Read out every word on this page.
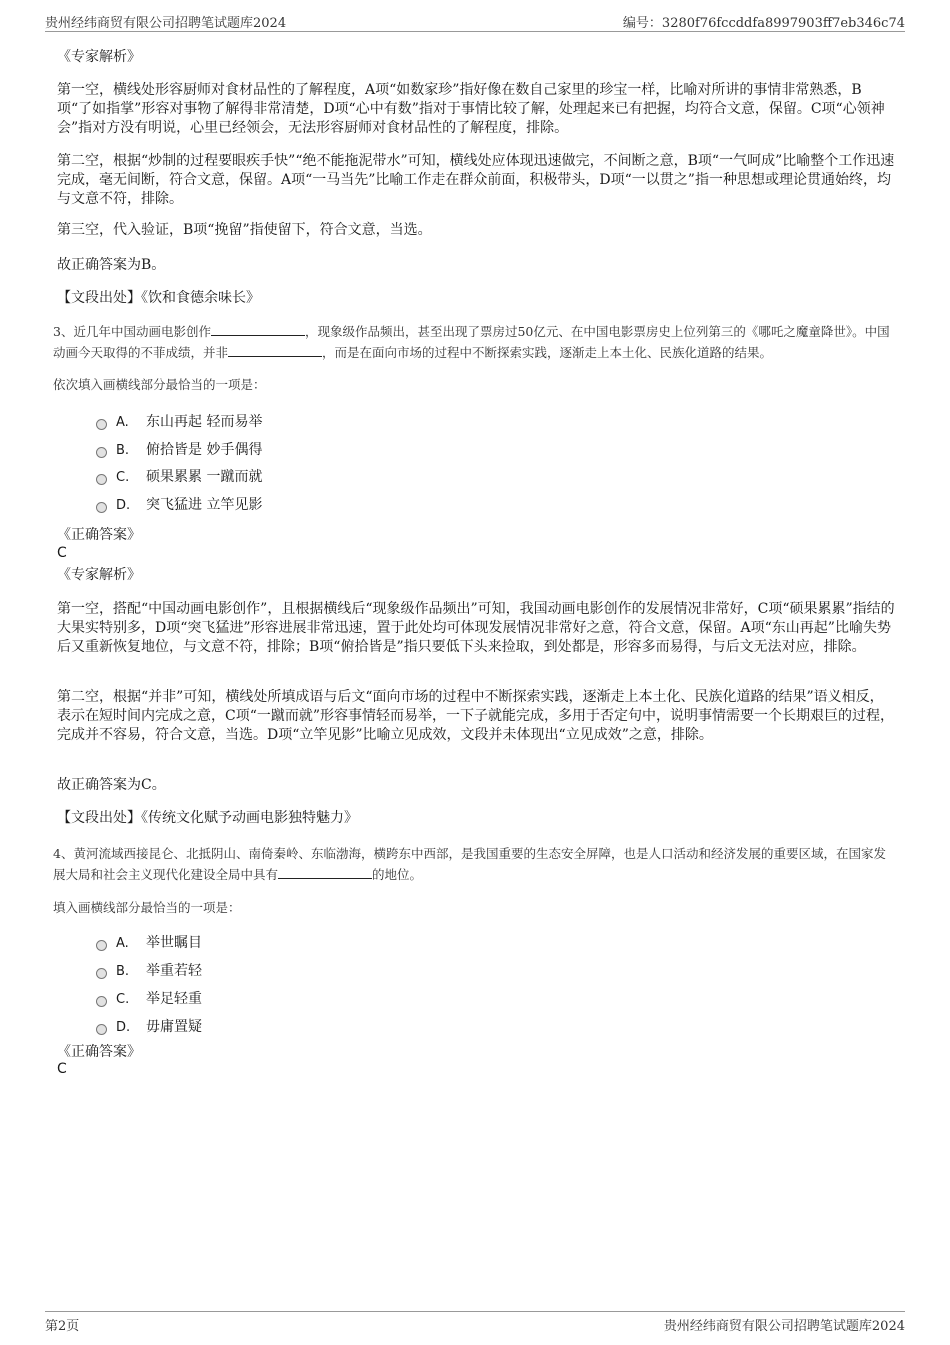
贵州经纬商贸有限公司招聘笔试题库2024	编号：3280f76fccddfa8997903ff7eb346c74
《专家解析》

第一空，横线处形容厨师对食材品性的了解程度，A项“如数家珍”指好像在数自己家里的珍宝一样，比喻对所讲的事情非常熟悉，B项“了如指掌”形容对事物了解得非常清楚，D项“心中有数”指对于事情比较了解，处理起来已有把握，均符合文意，保留。C项“心领神会”指对方没有明说，心里已经领会，无法形容厨师对食材品性的了解程度，排除。

第二空，根据“炒制的过程要眼疾手快”“绝不能拖泥带水”可知，横线处应体现迅速做完，不间断之意，B项“一气呵成”比喻整个工作迅速完成，毫无间断，符合文意，保留。A项“一马当先”比喻工作走在群众前面，积极带头，D项“一以贯之”指一种思想或理论贯通始终，均与文意不符，排除。

第三空，代入验证，B项“挽留”指使留下，符合文意，当选。

故正确答案为B。
【文段出处】《饮和食德余味长》

3、近几年中国动画电影创作	，现象级作品频出，甚至出现了票房过50亿元、在中国电影票房史上位列第三的《哪吒之魔童降世》。中国动画今天取得的不菲成绩，并非	，而是在面向市场的过程中不断探索实践，逐渐走上本土化、民族化道路的结果。

依次填入画横线部分最恰当的一项是：
A. 东山再起 轻而易举
B. 俯拾皆是 妙手偶得
C. 硕果累累 一蹴而就
D. 突飞猛进 立竿见影
《正确答案》
C
《专家解析》

第一空，搭配“中国动画电影创作”，且根据横线后“现象级作品频出”可知，我国动画电影创作的发展情况非常好，C项“硕果累累”指结的大果实特别多，D项“突飞猛进”形容进展非常迅速，置于此处均可体现发展情况非常好之意，符合文意，保留。A项“东山再起”比喻失势后又重新恢复地位，与文意不符，排除；B项“俯拾皆是”指只要低下头来捡取，到处都是，形容多而易得，与后文无法对应，排除。

第二空，根据“并非”可知，横线处所填成语与后文“面向市场的过程中不断探索实践，逐渐走上本土化、民族化道路的结果”语义相反，表示在短时间内完成之意，C项“一蹴而就”形容事情轻而易举，一下子就能完成，多用于否定句中，说明事情需要一个长期艰巨的过程，完成并不容易，符合文意，当选。D项“立竿见影”比喻立见成效，文段并未体现出“立见成效”之意，排除。

故正确答案为C。
【文段出处】《传统文化赋予动画电影独特魅力》

4、黄河流域西接昆仑、北抵阴山、南倚秦岭、东临渤海，横跨东中西部，是我国重要的生态安全屏障，也是人口活动和经济发展的重要区域，在国家发展大局和社会主义现代化建设全局中具有	的地位。

填入画横线部分最恰当的一项是：
A. 举世瞩目
B. 举重若轻
C. 举足轻重
D. 毋庸置疑
《正确答案》
C
第2页	贵州经纬商贸有限公司招聘笔试题库2024
